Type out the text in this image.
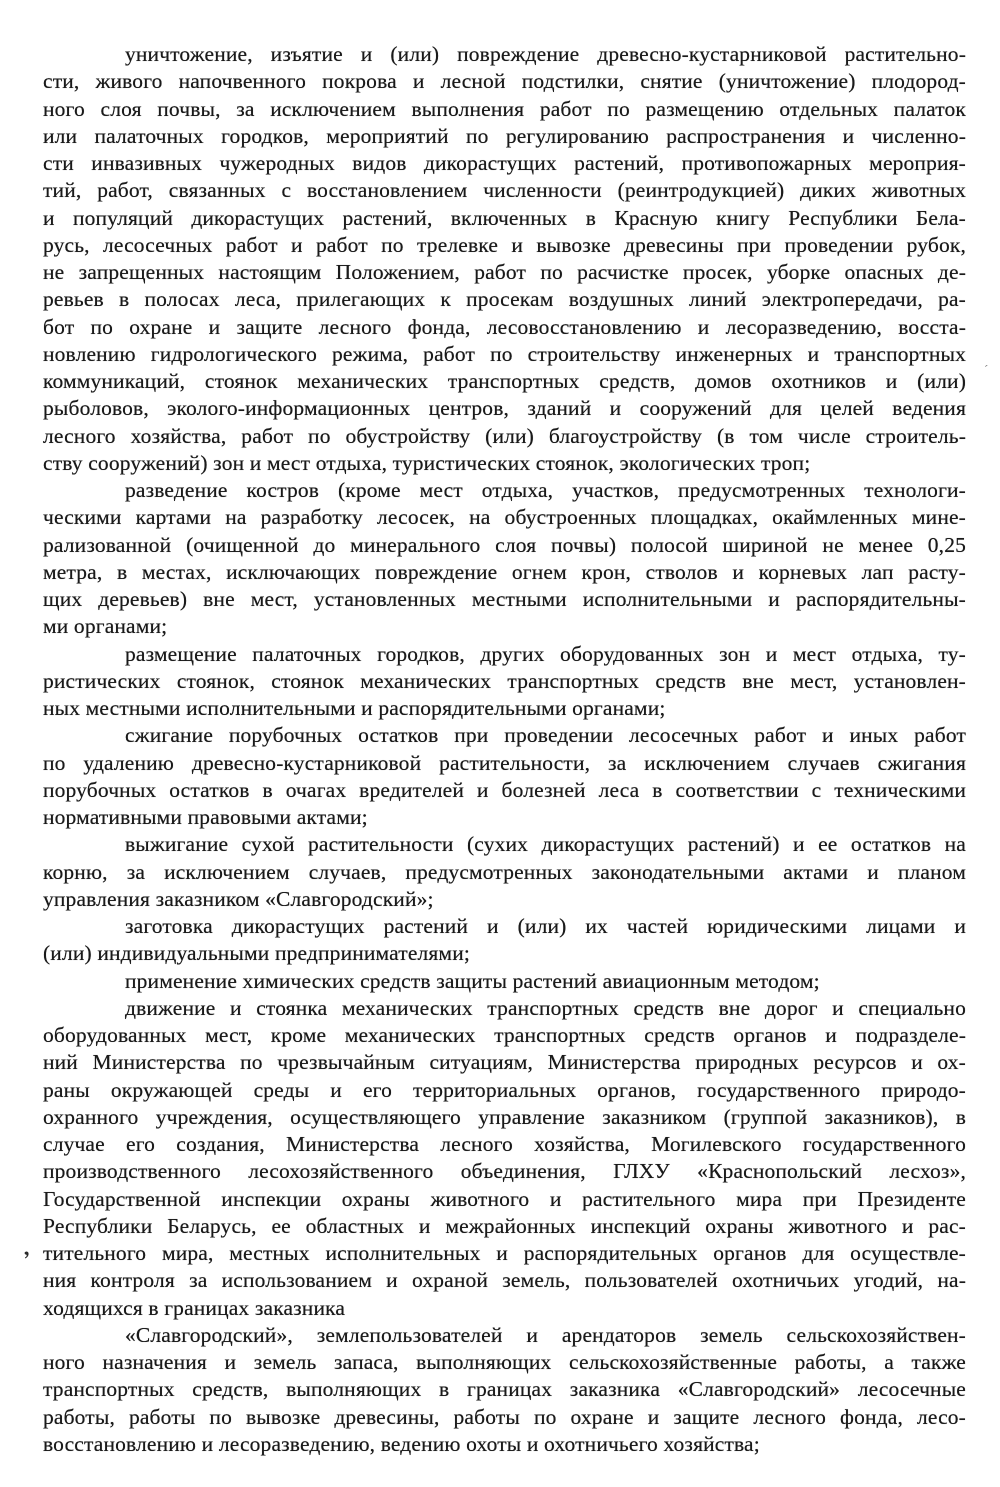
уничтожение, изъятие и (или) повреждение древесно-кустарниковой растительно-
сти, живого напочвенного покрова и лесной подстилки, снятие (уничтожение) плодород-
ного слоя почвы, за исключением выполнения работ по размещению отдельных палаток
или палаточных городков, мероприятий по регулированию распространения и численно-
сти инвазивных чужеродных видов дикорастущих растений, противопожарных мероприя-
тий, работ, связанных с восстановлением численности (реинтродукцией) диких животных
и популяций дикорастущих растений, включенных в Красную книгу Республики Бела-
русь, лесосечных работ и работ по трелевке и вывозке древесины при проведении рубок,
не запрещенных настоящим Положением, работ по расчистке просек, уборке опасных де-
ревьев в полосах леса, прилегающих к просекам воздушных линий электропередачи, ра-
бот по охране и защите лесного фонда, лесовосстановлению и лесоразведению, восста-
новлению гидрологического режима, работ по строительству инженерных и транспортных
коммуникаций, стоянок механических транспортных средств, домов охотников и (или)
рыболовов, эколого-информационных центров, зданий и сооружений для целей ведения
лесного хозяйства, работ по обустройству (или) благоустройству (в том числе строитель-
ству сооружений) зон и мест отдыха, туристических стоянок, экологических троп;
разведение костров (кроме мест отдыха, участков, предусмотренных технологи-
ческими картами на разработку лесосек, на обустроенных площадках, окаймленных мине-
рализованной (очищенной до минерального слоя почвы) полосой шириной не менее 0,25
метра, в местах, исключающих повреждение огнем крон, стволов и корневых лап расту-
щих деревьев) вне мест, установленных местными исполнительными и распорядительны-
ми органами;
размещение палаточных городков, других оборудованных зон и мест отдыха, ту-
ристических стоянок, стоянок механических транспортных средств вне мест, установлен-
ных местными исполнительными и распорядительными органами;
сжигание порубочных остатков при проведении лесосечных работ и иных работ
по удалению древесно-кустарниковой растительности, за исключением случаев сжигания
порубочных остатков в очагах вредителей и болезней леса в соответствии с техническими
нормативными правовыми актами;
выжигание сухой растительности (сухих дикорастущих растений) и ее остатков на
корню, за исключением случаев, предусмотренных законодательными актами и планом
управления заказником «Славгородский»;
заготовка дикорастущих растений и (или) их частей юридическими лицами и
(или) индивидуальными предпринимателями;
применение химических средств защиты растений авиационным методом;
движение и стоянка механических транспортных средств вне дорог и специально
оборудованных мест, кроме механических транспортных средств органов и подразделе-
ний Министерства по чрезвычайным ситуациям, Министерства природных ресурсов и ох-
раны окружающей среды и его территориальных органов, государственного природо-
охранного учреждения, осуществляющего управление заказником (группой заказников), в
случае его создания, Министерства лесного хозяйства, Могилевского государственного
производственного лесохозяйственного объединения, ГЛХУ «Краснопольский лесхоз»,
Государственной инспекции охраны животного и растительного мира при Президенте
Республики Беларусь, ее областных и межрайонных инспекций охраны животного и рас-
тительного мира, местных исполнительных и распорядительных органов для осуществле-
ния контроля за использованием и охраной земель, пользователей охотничьих угодий, на-
ходящихся в границах заказника
«Славгородский», землепользователей и арендаторов земель сельскохозяйствен-
ного назначения и земель запаса, выполняющих сельскохозяйственные работы, а также
транспортных средств, выполняющих в границах заказника «Славгородский» лесосечные
работы, работы по вывозке древесины, работы по охране и защите лесного фонда, лесо-
восстановлению и лесоразведению, ведению охоты и охотничьего хозяйства;
’
ˊ
